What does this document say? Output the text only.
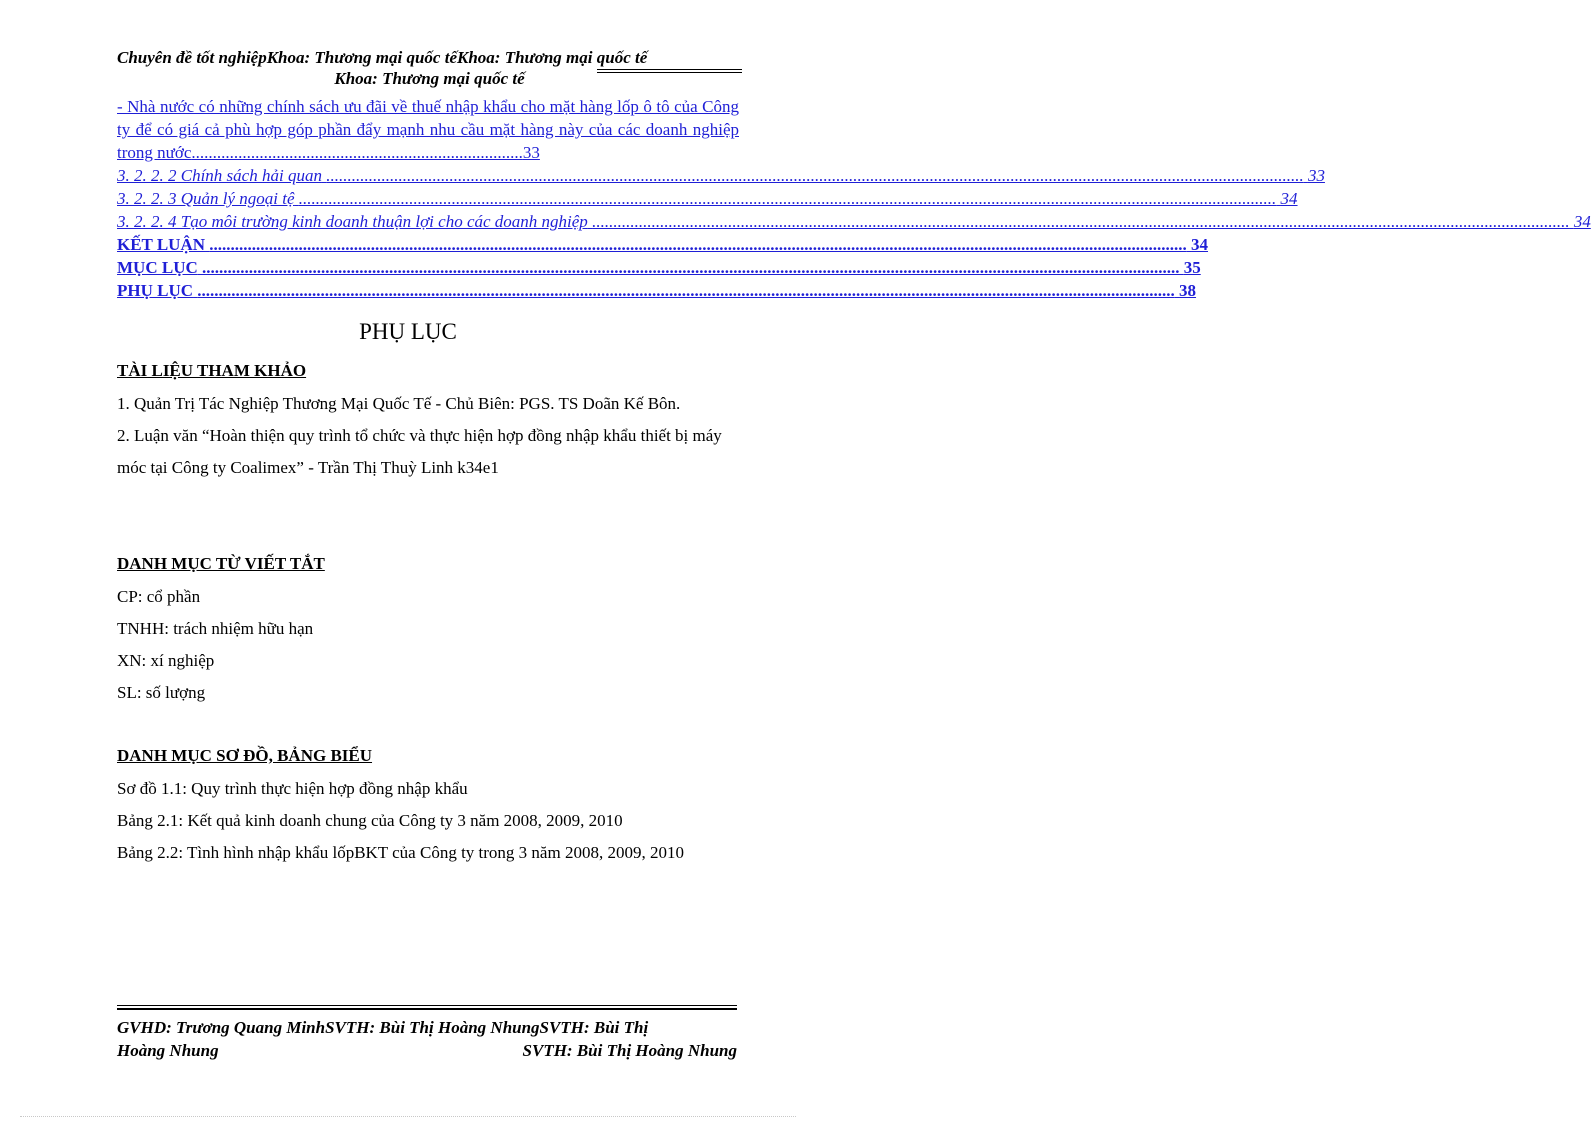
Chuyên đề tốt nghiệpKhoa: Thương mại quốc tếKhoa: Thương mại quốc tế
Khoa: Thương mại quốc tế
- Nhà nước có những chính sách ưu đãi về thuế nhập khẩu cho mặt hàng lốp ô tô của Công ty để có giá cả phù hợp góp phần đẩy mạnh nhu cầu mặt hàng này của các doanh nghiệp trong nước..............................................................................33
3. 2. 2. 2 Chính sách hải quan .....	33
3. 2. 2. 3 Quản lý ngoại tệ .....	34
3. 2. 2. 4 Tạo môi trường kinh doanh thuận lợi cho các doanh nghiệp .....	34
KẾT LUẬN .....	34
MỤC LỤC .....	35
PHỤ LỤC .....	38
PHỤ LỤC
TÀI LIỆU THAM KHẢO
1. Quản Trị Tác Nghiệp Thương Mại Quốc Tế - Chủ Biên: PGS. TS Doãn Kế Bôn.
2. Luận văn “Hoàn thiện quy trình tổ chức và thực hiện hợp đồng nhập khẩu thiết bị máy móc tại Công ty Coalimex” - Trần Thị Thuỳ Linh k34e1
DANH MỤC TỪ VIẾT TẮT
CP: cổ phần
TNHH: trách nhiệm hữu hạn
XN: xí nghiệp
SL: số lượng
DANH MỤC SƠ ĐỒ, BẢNG BIỂU
Sơ đồ 1.1: Quy trình thực hiện hợp đồng nhập khẩu
Bảng 2.1: Kết quả kinh doanh chung của Công ty 3 năm 2008, 2009, 2010
Bảng 2.2: Tình hình nhập khẩu lốpBKT của Công ty trong 3 năm 2008, 2009, 2010
GVHD: Trương Quang MinhSVTH: Bùi Thị Hoàng NhungSVTH: Bùi Thị
Hoàng Nhung	SVTH: Bùi Thị Hoàng Nhung
